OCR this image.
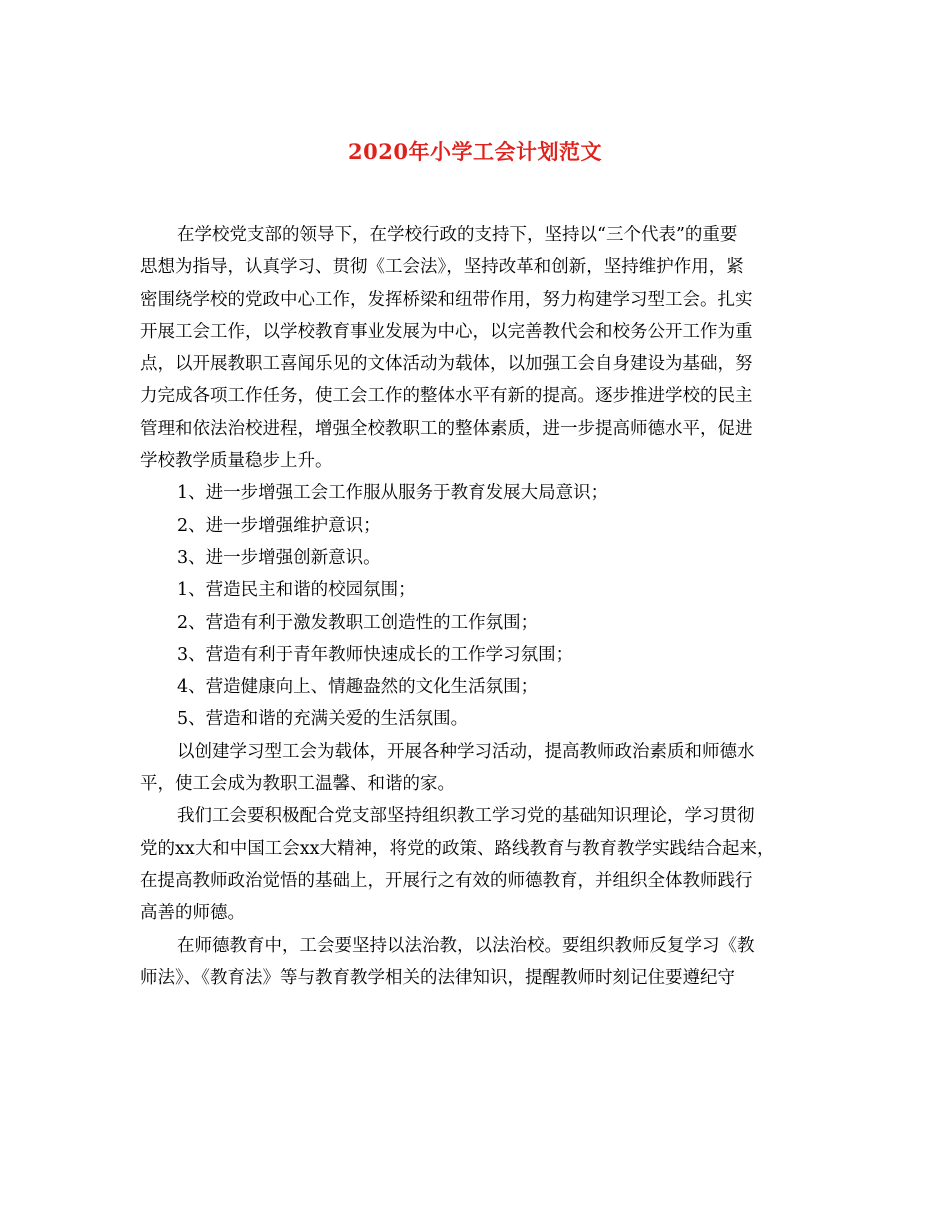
2020年小学工会计划范文
在学校党支部的领导下，在学校行政的支持下，坚持以“三个代表”的重要
思想为指导，认真学习、贯彻《工会法》，坚持改革和创新，坚持维护作用，紧
密围绕学校的党政中心工作，发挥桥梁和纽带作用，努力构建学习型工会。扎实
开展工会工作，以学校教育事业发展为中心，以完善教代会和校务公开工作为重
点，以开展教职工喜闻乐见的文体活动为载体，以加强工会自身建设为基础，努
力完成各项工作任务，使工会工作的整体水平有新的提高。逐步推进学校的民主
管理和依法治校进程，增强全校教职工的整体素质，进一步提高师德水平，促进
学校教学质量稳步上升。
1、进一步增强工会工作服从服务于教育发展大局意识；
2、进一步增强维护意识；
3、进一步增强创新意识。
1、营造民主和谐的校园氛围；
2、营造有利于激发教职工创造性的工作氛围；
3、营造有利于青年教师快速成长的工作学习氛围；
4、营造健康向上、情趣盎然的文化生活氛围；
5、营造和谐的充满关爱的生活氛围。
以创建学习型工会为载体，开展各种学习活动，提高教师政治素质和师德水
平，使工会成为教职工温馨、和谐的家。
我们工会要积极配合党支部坚持组织教工学习党的基础知识理论，学习贯彻
党的xx大和中国工会xx大精神，将党的政策、路线教育与教育教学实践结合起来，
在提高教师政治觉悟的基础上，开展行之有效的师德教育，并组织全体教师践行
高善的师德。
在师德教育中，工会要坚持以法治教，以法治校。要组织教师反复学习《教
师法》、《教育法》等与教育教学相关的法律知识，提醒教师时刻记住要遵纪守
